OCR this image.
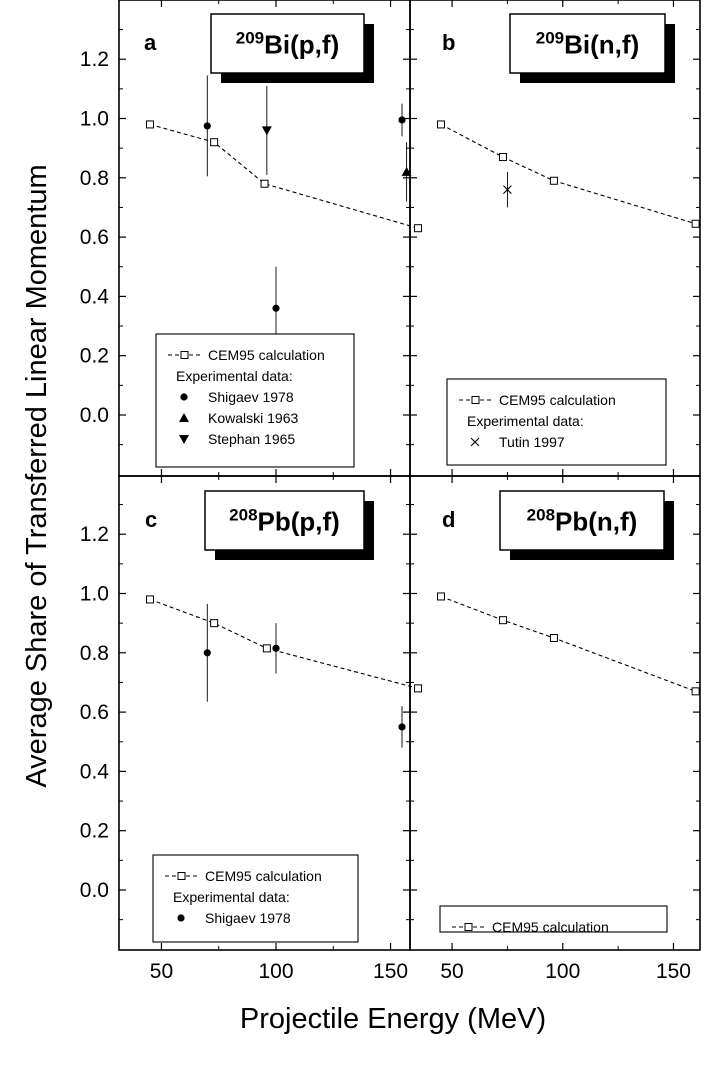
Average Share of Transferred Linear Momentum
Projectile Energy (MeV)
0.0
0.2
0.4
0.6
0.8
1.0
1.2
a	$^{209}$Bi(p,f)
CEM95 calculation
Experimental data:
Shigaev 1978
Kowalski 1963
Stephan 1965
b	$^{209}$Bi(n,f)
CEM95 calculation
Experimental data:
Tutin 1997
0.0
0.2
0.4
0.6
0.8
1.0
1.2
50	100	150
c	$^{208}$Pb(p,f)
CEM95 calculation
Experimental data:
Shigaev 1978
50	100	150
d	$^{208}$Pb(n,f)
CEM95 calculation
